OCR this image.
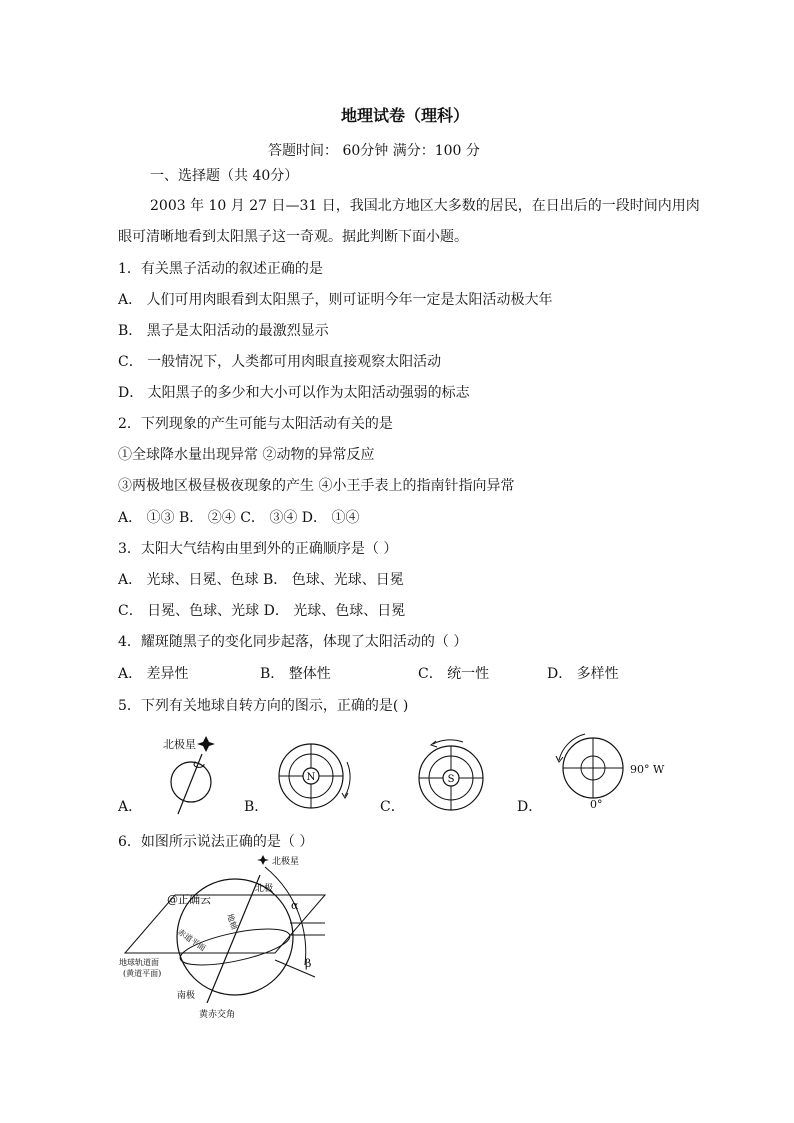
地理试卷（理科）
答题时间： 60分钟 满分：100 分
一、选择题（共 40分）
2003 年 10 月 27 日—31 日，我国北方地区大多数的居民，在日出后的一段时间内用肉
眼可清晰地看到太阳黑子这一奇观。据此判断下面小题。
1．有关黑子活动的叙述正确的是
A． 人们可用肉眼看到太阳黑子，则可证明今年一定是太阳活动极大年
B． 黑子是太阳活动的最激烈显示
C． 一般情况下，人类都可用肉眼直接观察太阳活动
D． 太阳黑子的多少和大小可以作为太阳活动强弱的标志
2．下列现象的产生可能与太阳活动有关的是
①全球降水量出现异常 ②动物的异常反应
③两极地区极昼极夜现象的产生 ④小王手表上的指南针指向异常
A． ①③ B． ②④ C． ③④ D． ①④
3．太阳大气结构由里到外的正确顺序是（ ）
A． 光球、日冕、色球 B． 色球、光球、日冕
C． 日冕、色球、光球 D． 光球、色球、日冕
4．耀斑随黑子的变化同步起落，体现了太阳活动的（ ）
A． 差异性	B． 整体性	C． 统一性	D． 多样性
5．下列有关地球自转方向的图示，正确的是( )
北极星
A．
N
B．
S
C．
90° W
0°
D．
6．如图所示说法正确的是（ ）
北极星
北极
@正确云
地轴
赤道平面
地球轨道面
(黄道平面)
南极
黄赤交角
α
β
